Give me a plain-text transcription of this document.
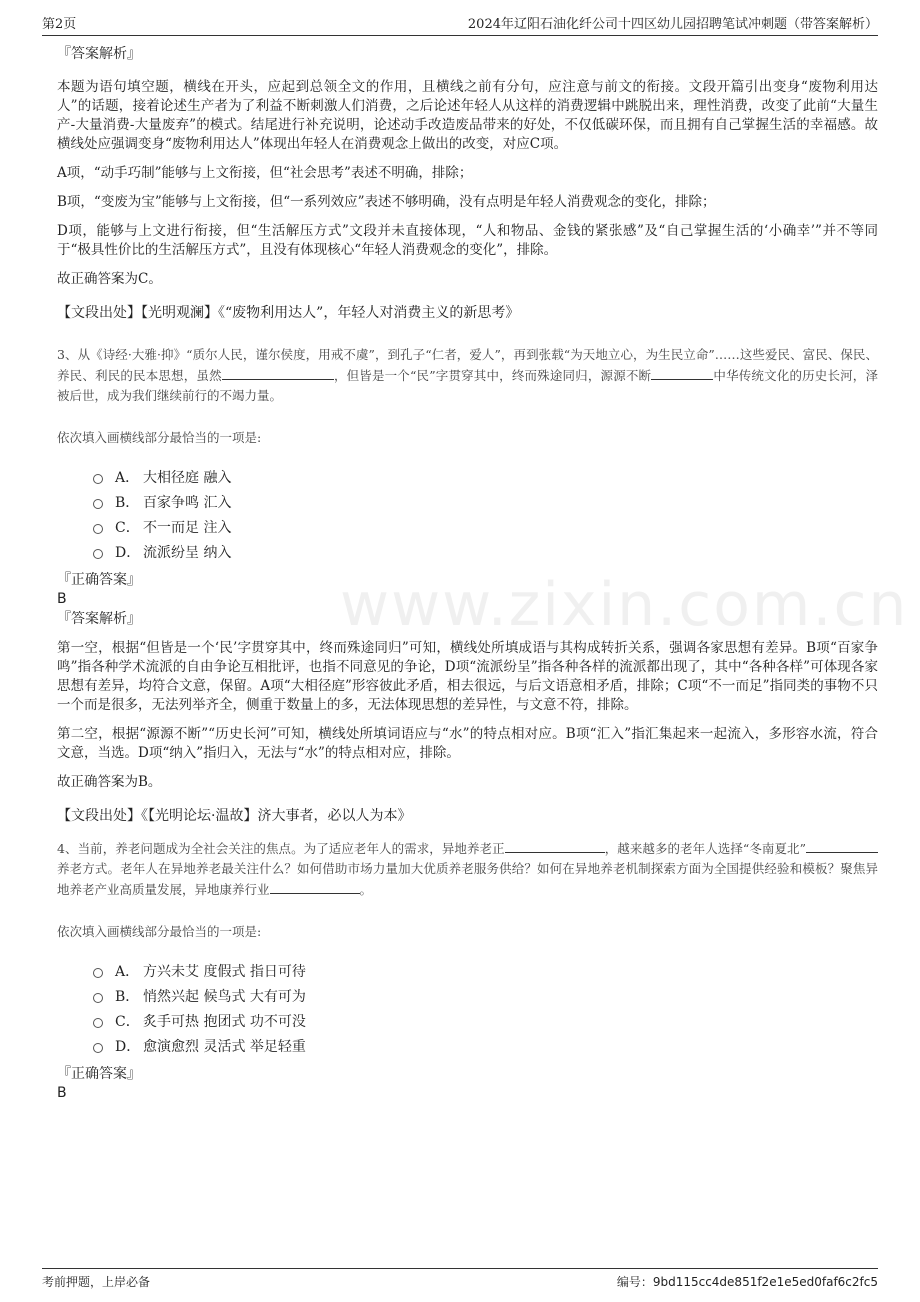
第2页	2024年辽阳石油化纤公司十四区幼儿园招聘笔试冲刺题（带答案解析）
www.zixin.com.cn

『答案解析』

本题为语句填空题，横线在开头，应起到总领全文的作用，且横线之前有分句，应注意与前文的衔接。文段开篇引出变身“废物利用达人”的话题，接着论述生产者为了利益不断刺激人们消费，之后论述年轻人从这样的消费逻辑中跳脱出来，理性消费，改变了此前“大量生产-大量消费-大量废弃”的模式。结尾进行补充说明，论述动手改造废品带来的好处，不仅低碳环保，而且拥有自己掌握生活的幸福感。故横线处应强调变身“废物利用达人”体现出年轻人在消费观念上做出的改变，对应C项。

A项，“动手巧制”能够与上文衔接，但“社会思考”表述不明确，排除；

B项，“变废为宝”能够与上文衔接，但“一系列效应”表述不够明确，没有点明是年轻人消费观念的变化，排除；

D项，能够与上文进行衔接，但“生活解压方式”文段并未直接体现，“人和物品、金钱的紧张感”及“自己掌握生活的‘小确幸’”并不等同于“极具性价比的生活解压方式”，且没有体现核心“年轻人消费观念的变化”，排除。

故正确答案为C。

【文段出处】【光明观澜】《“废物利用达人”，年轻人对消费主义的新思考》

3、从《诗经·大雅·抑》“质尔人民，谨尔侯度，用戒不虞”，到孔子“仁者，爱人”，再到张载“为天地立心，为生民立命”……这些爱民、富民、保民、养民、利民的民本思想，虽然	，但皆是一个“民”字贯穿其中，终而殊途同归，源源不断	中华传统文化的历史长河，泽被后世，成为我们继续前行的不竭力量。

依次填入画横线部分最恰当的一项是:
A． 大相径庭 融入
B． 百家争鸣 汇入
C． 不一而足 注入
D． 流派纷呈 纳入

『正确答案』

B

『答案解析』

第一空，根据“但皆是一个‘民’字贯穿其中，终而殊途同归”可知，横线处所填成语与其构成转折关系，强调各家思想有差异。B项“百家争鸣”指各种学术流派的自由争论互相批评，也指不同意见的争论，D项“流派纷呈”指各种各样的流派都出现了，其中“各种各样”可体现各家思想有差异，均符合文意，保留。A项“大相径庭”形容彼此矛盾，相去很远，与后文语意相矛盾，排除；C项“不一而足”指同类的事物不只一个而是很多，无法列举齐全，侧重于数量上的多，无法体现思想的差异性，与文意不符，排除。

第二空，根据“源源不断”“历史长河”可知，横线处所填词语应与“水”的特点相对应。B项“汇入”指汇集起来一起流入，多形容水流，符合文意，当选。D项“纳入”指归入，无法与“水”的特点相对应，排除。

故正确答案为B。

【文段出处】《【光明论坛·温故】济大事者，必以人为本》

4、当前，养老问题成为全社会关注的焦点。为了适应老年人的需求，异地养老正	，越来越多的老年人选择“冬南夏北”养老方式。老年人在异地养老最关注什么？如何借助市场力量加大优质养老服务供给？如何在异地养老机制探索方面为全国提供经验和模板？聚焦异地养老产业高质量发展，异地康养行业	。

依次填入画横线部分最恰当的一项是:
A． 方兴未艾 度假式 指日可待
B． 悄然兴起 候鸟式 大有可为
C． 炙手可热 抱团式 功不可没
D． 愈演愈烈 灵活式 举足轻重

『正确答案』

B
考前押题，上岸必备	编号：9bd115cc4de851f2e1e5ed0faf6c2fc5
